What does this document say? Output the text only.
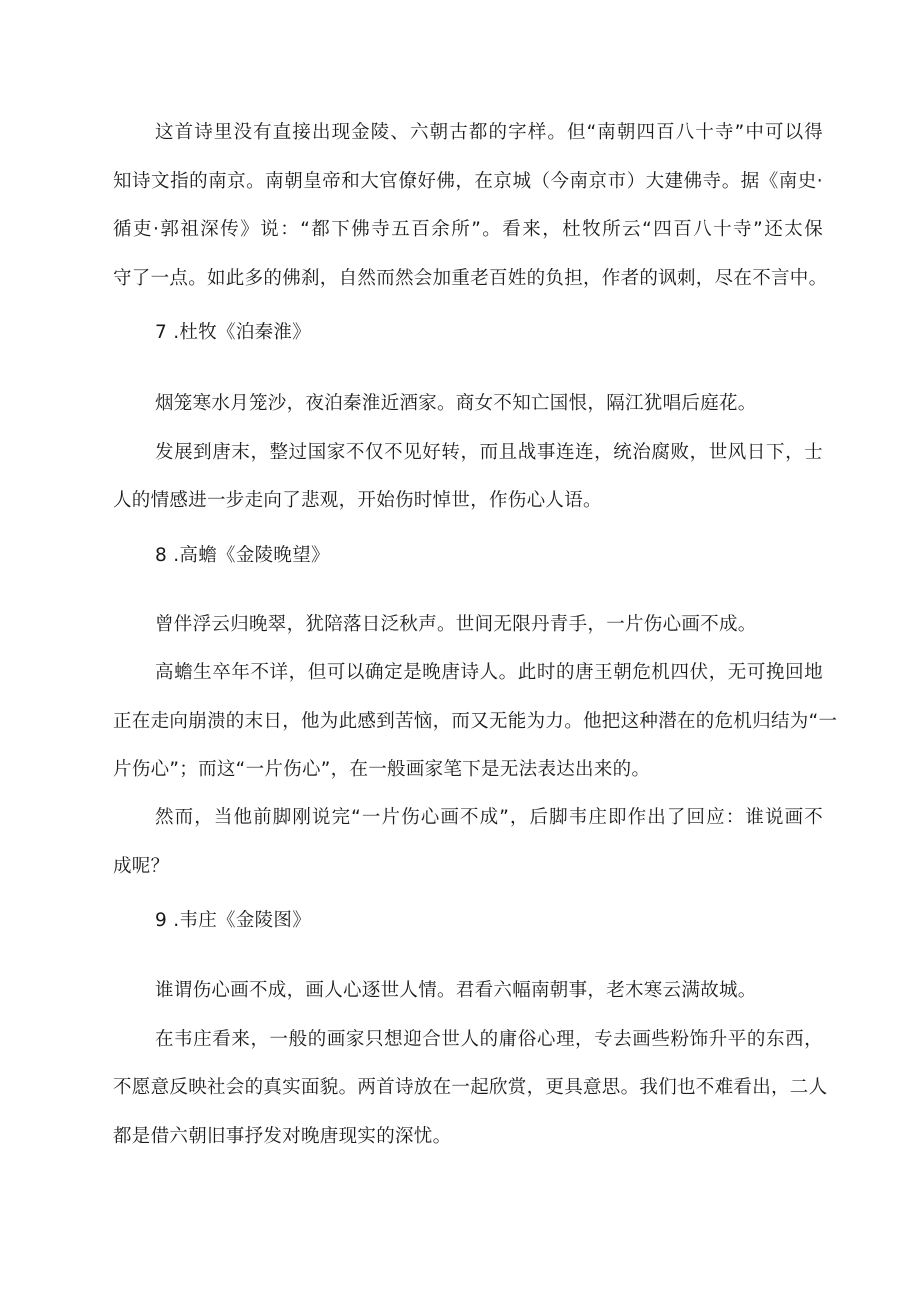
这首诗里没有直接出现金陵、六朝古都的字样。但“南朝四百八十寺”中可以得
知诗文指的南京。南朝皇帝和大官僚好佛，在京城（今南京市）大建佛寺。据《南史·
循吏·郭祖深传》说：“都下佛寺五百余所”。看来，杜牧所云“四百八十寺”还太保
守了一点。如此多的佛刹，自然而然会加重老百姓的负担，作者的讽刺，尽在不言中。
7 .杜牧《泊秦淮》
烟笼寒水月笼沙，夜泊秦淮近酒家。商女不知亡国恨，隔江犹唱后庭花。
发展到唐末，整过国家不仅不见好转，而且战事连连，统治腐败，世风日下，士
人的情感进一步走向了悲观，开始伤时悼世，作伤心人语。
8 .高蟾《金陵晚望》
曾伴浮云归晚翠，犹陪落日泛秋声。世间无限丹青手，一片伤心画不成。
高蟾生卒年不详，但可以确定是晚唐诗人。此时的唐王朝危机四伏，无可挽回地
正在走向崩溃的末日，他为此感到苦恼，而又无能为力。他把这种潜在的危机归结为“一
片伤心”；而这“一片伤心”，在一般画家笔下是无法表达出来的。
然而，当他前脚刚说完“一片伤心画不成”，后脚韦庄即作出了回应：谁说画不
成呢？
9 .韦庄《金陵图》
谁谓伤心画不成，画人心逐世人情。君看六幅南朝事，老木寒云满故城。
在韦庄看来，一般的画家只想迎合世人的庸俗心理，专去画些粉饰升平的东西，
不愿意反映社会的真实面貌。两首诗放在一起欣赏，更具意思。我们也不难看出，二人
都是借六朝旧事抒发对晚唐现实的深忧。
